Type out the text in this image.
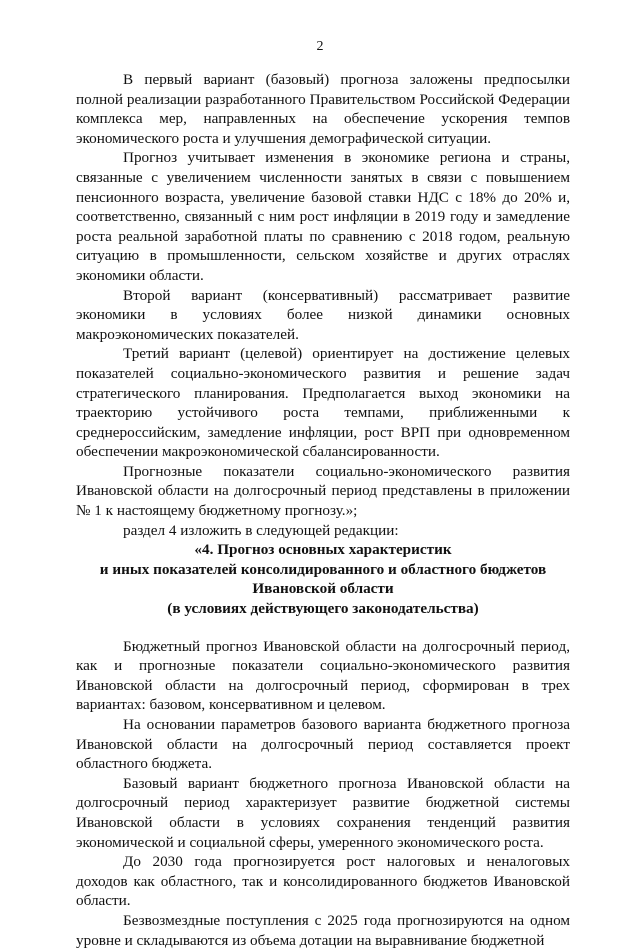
2

В первый вариант (базовый) прогноза заложены предпосылки полной реализации разработанного Правительством Российской Федерации комплекса мер, направленных на обеспечение ускорения темпов экономического роста и улучшения демографической ситуации.

Прогноз учитывает изменения в экономике региона и страны, связанные с увеличением численности занятых в связи с повышением пенсионного возраста, увеличение базовой ставки НДС с 18% до 20% и, соответственно, связанный с ним рост инфляции в 2019 году и замедление роста реальной заработной платы по сравнению с 2018 годом, реальную ситуацию в промышленности, сельском хозяйстве и других отраслях экономики области.

Второй вариант (консервативный) рассматривает развитие экономики в условиях более низкой динамики основных макроэкономических показателей.

Третий вариант (целевой) ориентирует на достижение целевых показателей социально-экономического развития и решение задач стратегического планирования. Предполагается выход экономики на траекторию устойчивого роста темпами, приближенными к среднероссийским, замедление инфляции, рост ВРП при одновременном обеспечении макроэкономической сбалансированности.

Прогнозные показатели социально-экономического развития Ивановской области на долгосрочный период представлены в приложении № 1 к настоящему бюджетному прогнозу.»;

раздел 4 изложить в следующей редакции:

«4. Прогноз основных характеристик

и иных показателей консолидированного и областного бюджетов

Ивановской области

(в условиях действующего законодательства)

Бюджетный прогноз Ивановской области на долгосрочный период, как и прогнозные показатели социально-экономического развития Ивановской области на долгосрочный период, сформирован в трех вариантах: базовом, консервативном и целевом.

На основании параметров базового варианта бюджетного прогноза Ивановской области на долгосрочный период составляется проект областного бюджета.

Базовый вариант бюджетного прогноза Ивановской области на долгосрочный период характеризует развитие бюджетной системы Ивановской области в условиях сохранения тенденций развития экономической и социальной сферы, умеренного экономического роста.

До 2030 года прогнозируется рост налоговых и неналоговых доходов как областного, так и консолидированного бюджетов Ивановской области.

Безвозмездные поступления с 2025 года прогнозируются на одном уровне и складываются из объема дотации на выравнивание бюджетной
